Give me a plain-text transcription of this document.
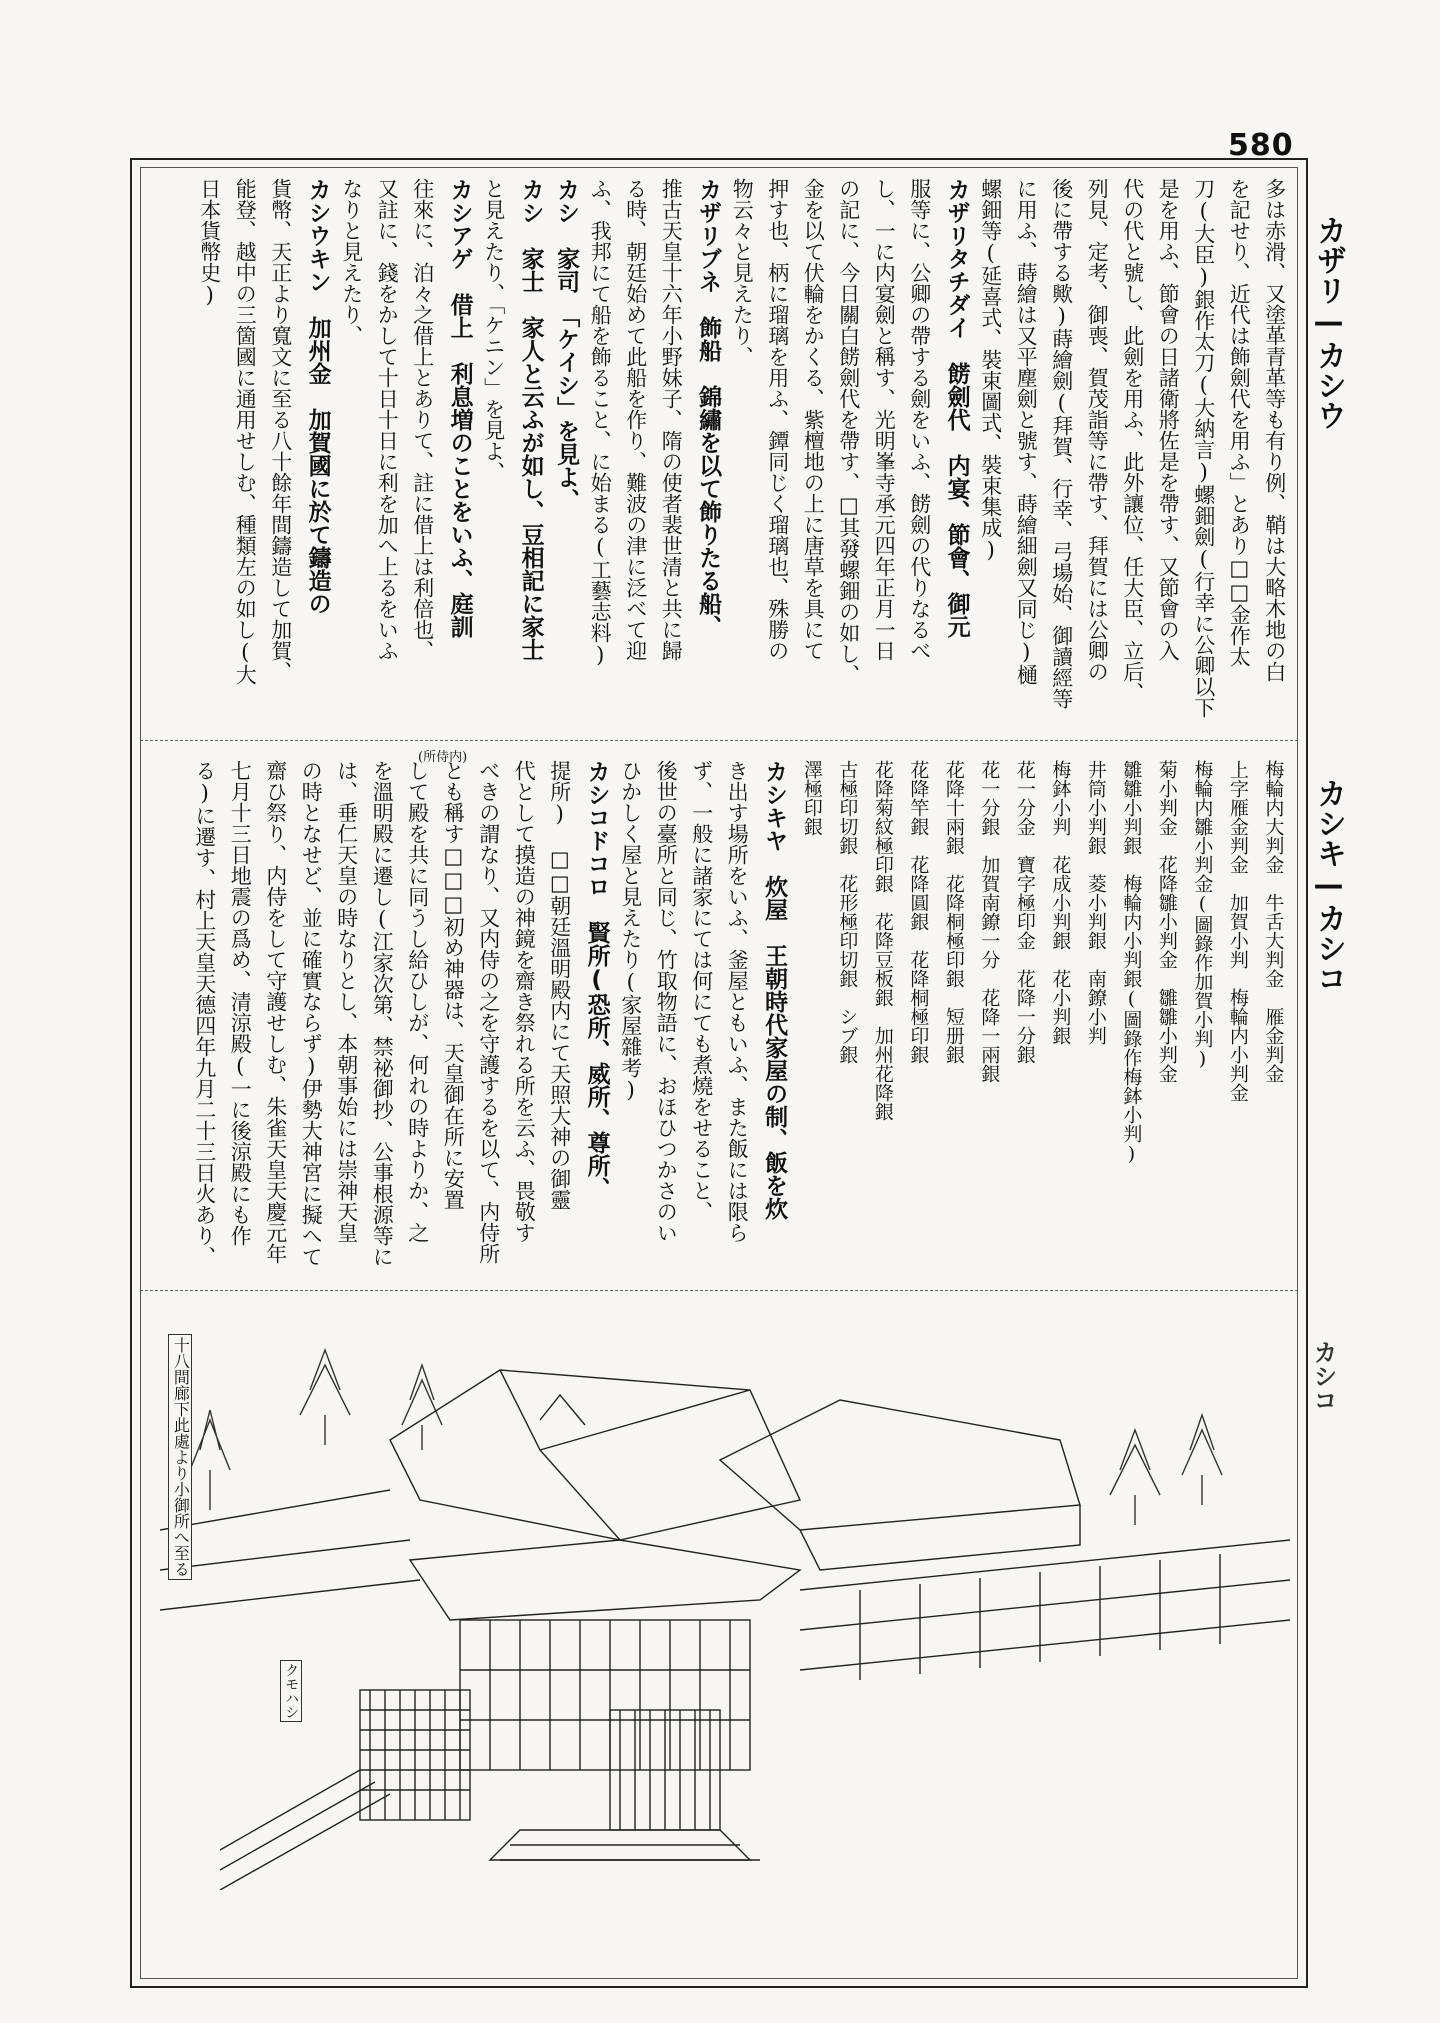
580
カザリ—カシウ
カシキ—カシコ
カシコ
多は赤滑、又塗革青革等も有り例、鞘は大略木地の白
を記せり、近代は飾劍代を用ふ」とあり□□金作太
刀(大臣)銀作太刀(大納言)螺鈿劍(行幸に公卿以下
是を用ふ、節會の日諸衛將佐是を帶す、又節會の入
代の代と號し、此劍を用ふ、此外讓位、任大臣、立后、
列見、定考、御喪、賀茂詣等に帶す、拜賀には公卿の
後に帶する歟)蒔繪劍(拜賀、行幸、弓場始、御讀經等
に用ふ、蒔繪は又平塵劍と號す、蒔繪細劍又同じ)樋
螺鈿等(延喜式、裝束圖式、裝束集成)
カザリタチダイ　餝劍代　内宴、節會、御元
服等に、公卿の帶する劍をいふ、餝劍の代りなるべ
し、一に内宴劍と稱す、光明峯寺承元四年正月一日
の記に、今日關白餝劍代を帶す、□其發螺鈿の如し、
金を以て伏輪をかくる、紫檀地の上に唐草を具にて
押す也、柄に瑠璃を用ふ、鐔同じく瑠璃也、殊勝の
物云々と見えたり、
カザリブネ　飾船　錦繡を以て飾りたる船、
推古天皇十六年小野妹子、隋の使者裴世清と共に歸
る時、朝廷始めて此船を作り、難波の津に泛べて迎
ふ、我邦にて船を飾ること、に始まる(工藝志料)
カシ　家司　「ケイシ」を見よ、
カシ　家士　家人と云ふが如し、豆相記に家士
と見えたり、「ケニン」を見よ、
カシアゲ　借上　利息増のことをいふ、庭訓
往來に、泊々之借上とありて、註に借上は利倍也、
又註に、錢をかして十日十日に利を加へ上るをいふ
なりと見えたり、
カシウキン　加州金　加賀國に於て鑄造の
貨幣、天正より寬文に至る八十餘年間鑄造して加賀、
能登、越中の三箇國に通用せしむ、種類左の如し(大
日本貨幣史)
梅輪内大判金　牛舌大判金　雁金判金
上字雁金判金　加賀小判　梅輪内小判金
梅輪内雛小判金(圖錄作加賀小判)
菊小判金　花降雛小判金　雛雛小判金
雛雛小判銀　梅輪内小判銀(圖錄作梅鉢小判)
井筒小判銀　菱小判銀　南鐐小判
梅鉢小判　花成小判銀　花小判銀
花一分金　寶字極印金　花降一分銀
花一分銀　加賀南鐐一分　花降一兩銀
花降十兩銀　花降桐極印銀　短册銀
花降竿銀　花降圓銀　花降桐極印銀
花降菊紋極印銀　花降豆板銀　加州花降銀
古極印切銀　花形極印切銀　シブ銀
澤極印銀
カシキヤ　炊屋　王朝時代家屋の制、飯を炊
き出す場所をいふ、釜屋ともいふ、また飯には限ら
ず、一般に諸家にては何にても煮燒をせること、
後世の臺所と同じ、竹取物語に、おほひつかさのい
ひかしく屋と見えたり(家屋雜考)
カシコドコロ　賢所(恐所、威所、尊所、
提所)　□□朝廷溫明殿内にて天照大神の御靈
代として摸造の神鏡を齋き祭れる所を云ふ、畏敬す
べきの謂なり、又内侍の之を守護するを以て、内侍所
とも稱す□□□初め神器は、天皇御在所に安置
して殿を共に同うし給ひしが、何れの時よりか、之
を溫明殿に遷し(江家次第、禁祕御抄、公事根源等に
は、垂仁天皇の時なりとし、本朝事始には崇神天皇
の時となせど、並に確實ならず)伊勢大神宮に擬へて
齋ひ祭り、内侍をして守護せしむ、朱雀天皇天慶元年
七月十三日地震の爲め、清涼殿(一に後涼殿にも作
る)に遷す、村上天皇天德四年九月二十三日火あり、
(所侍内)
十八間廊下此處より小御所へ至る
クモハシ
